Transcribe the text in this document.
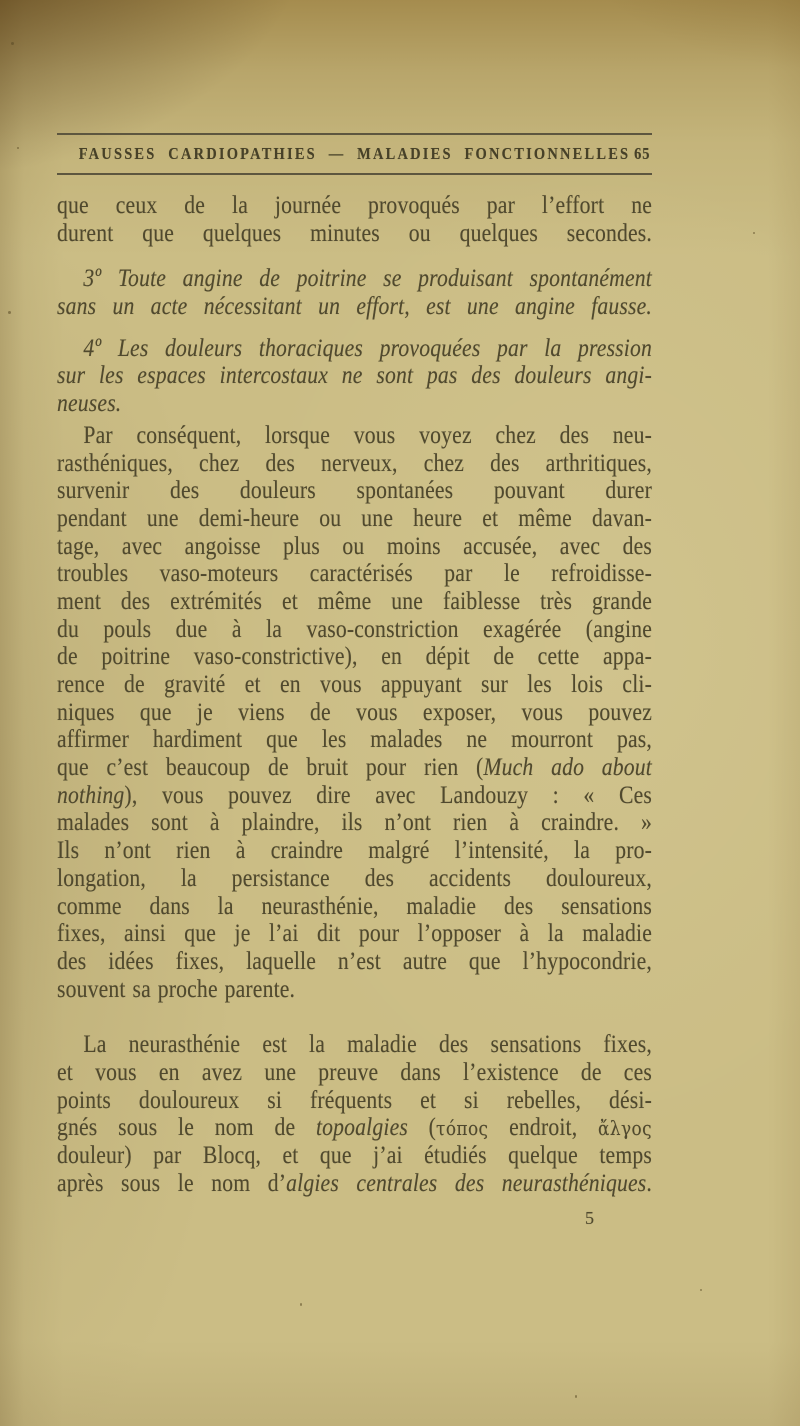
FAUSSES CARDIOPATHIES — MALADIES FONCTIONNELLES 65
que ceux de la journée provoqués par l’effort ne
durent que quelques minutes ou quelques secondes.
3º Toute angine de poitrine se produisant spontanément
sans un acte nécessitant un effort, est une angine fausse.
4º Les douleurs thoraciques provoquées par la pression
sur les espaces intercostaux ne sont pas des douleurs angi-
neuses.
Par conséquent, lorsque vous voyez chez des neu-
rasthéniques, chez des nerveux, chez des arthritiques,
survenir des douleurs spontanées pouvant durer
pendant une demi-heure ou une heure et même davan-
tage, avec angoisse plus ou moins accusée, avec des
troubles vaso-moteurs caractérisés par le refroidisse-
ment des extrémités et même une faiblesse très grande
du pouls due à la vaso-constriction exagérée (angine
de poitrine vaso-constrictive), en dépit de cette appa-
rence de gravité et en vous appuyant sur les lois cli-
niques que je viens de vous exposer, vous pouvez
affirmer hardiment que les malades ne mourront pas,
que c’est beaucoup de bruit pour rien (Much ado about
nothing), vous pouvez dire avec Landouzy : « Ces
malades sont à plaindre, ils n’ont rien à craindre. »
Ils n’ont rien à craindre malgré l’intensité, la pro-
longation, la persistance des accidents douloureux,
comme dans la neurasthénie, maladie des sensations
fixes, ainsi que je l’ai dit pour l’opposer à la maladie
des idées fixes, laquelle n’est autre que l’hypocondrie,
souvent sa proche parente.
La neurasthénie est la maladie des sensations fixes,
et vous en avez une preuve dans l’existence de ces
points douloureux si fréquents et si rebelles, dési-
gnés sous le nom de topoalgies (τόπος endroit, ἄλγος
douleur) par Blocq, et que j’ai étudiés quelque temps
après sous le nom d’algies centrales des neurasthéniques.
5
